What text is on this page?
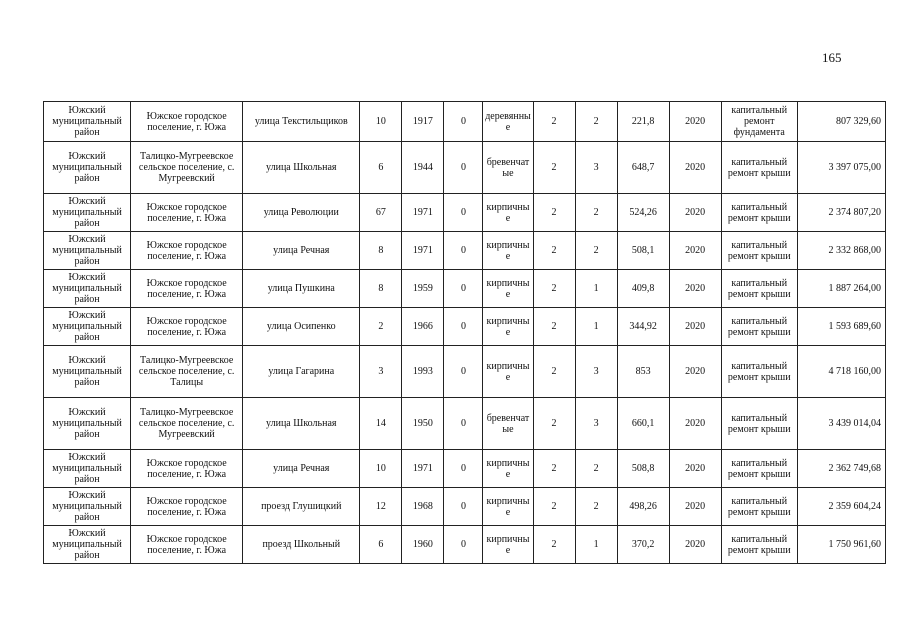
165
Южский муниципальный район	Южское городское поселение, г. Южа	улица Текстильщиков	10	1917	0	деревянные	2	2	221,8	2020	капитальный ремонт фундамента	807 329,60
Южский муниципальный район	Талицко-Мугреевское сельское поселение, с. Мугреевский	улица Школьная	6	1944	0	бревенчатые	2	3	648,7	2020	капитальный ремонт крыши	3 397 075,00
Южский муниципальный район	Южское городское поселение, г. Южа	улица Революции	67	1971	0	кирпичные	2	2	524,26	2020	капитальный ремонт крыши	2 374 807,20
Южский муниципальный район	Южское городское поселение, г. Южа	улица Речная	8	1971	0	кирпичные	2	2	508,1	2020	капитальный ремонт крыши	2 332 868,00
Южский муниципальный район	Южское городское поселение, г. Южа	улица Пушкина	8	1959	0	кирпичные	2	1	409,8	2020	капитальный ремонт крыши	1 887 264,00
Южский муниципальный район	Южское городское поселение, г. Южа	улица Осипенко	2	1966	0	кирпичные	2	1	344,92	2020	капитальный ремонт крыши	1 593 689,60
Южский муниципальный район	Талицко-Мугреевское сельское поселение, с. Талицы	улица Гагарина	3	1993	0	кирпичные	2	3	853	2020	капитальный ремонт крыши	4 718 160,00
Южский муниципальный район	Талицко-Мугреевское сельское поселение, с. Мугреевский	улица Школьная	14	1950	0	бревенчатые	2	3	660,1	2020	капитальный ремонт крыши	3 439 014,04
Южский муниципальный район	Южское городское поселение, г. Южа	улица Речная	10	1971	0	кирпичные	2	2	508,8	2020	капитальный ремонт крыши	2 362 749,68
Южский муниципальный район	Южское городское поселение, г. Южа	проезд Глушицкий	12	1968	0	кирпичные	2	2	498,26	2020	капитальный ремонт крыши	2 359 604,24
Южский муниципальный район	Южское городское поселение, г. Южа	проезд Школьный	6	1960	0	кирпичные	2	1	370,2	2020	капитальный ремонт крыши	1 750 961,60
